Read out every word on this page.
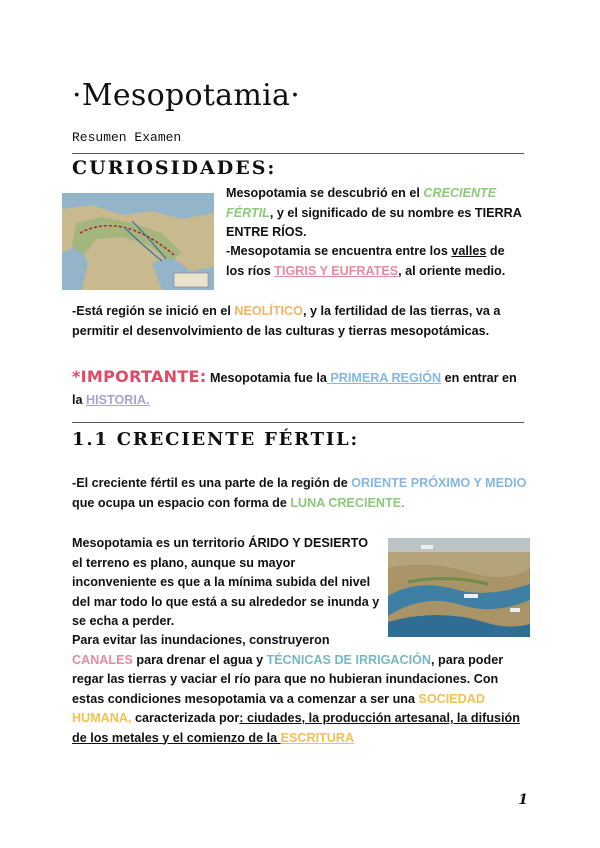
·Mesopotamia·
Resumen Examen
CURIOSIDADES:
Mesopotamia se descubrió en el CRECIENTE FÉRTIL, y el significado de su nombre es TIERRA ENTRE RÍOS.
-Mesopotamia se encuentra entre los valles de los ríos TIGRIS Y EUFRATES, al oriente medio.
-Está región se inició en el NEOLÍTICO, y la fertilidad de las tierras, va a permitir el desenvolvimiento de las culturas y tierras mesopotámicas.
*IMPORTANTE: Mesopotamia fue la PRIMERA REGIÓN en entrar en la HISTORIA.
1.1 CRECIENTE FÉRTIL:
-El creciente fértil es una parte de la región de ORIENTE PRÓXIMO Y MEDIO que ocupa un espacio con forma de LUNA CRECIENTE.
Mesopotamia es un territorio ÁRIDO Y DESIERTO el terreno es plano, aunque su mayor inconveniente es que a la mínima subida del nivel del mar todo lo que está a su alrededor se inunda y se echa a perder.
Para evitar las inundaciones, construyeron
CANALES para drenar el agua y TÉCNICAS DE IRRIGACIÓN, para poder regar las tierras y vaciar el río para que no hubieran inundaciones. Con estas condiciones mesopotamia va a comenzar a ser una SOCIEDAD HUMANA, caracterizada por: ciudades, la producción artesanal, la difusión de los metales y el comienzo de la ESCRITURA
1
